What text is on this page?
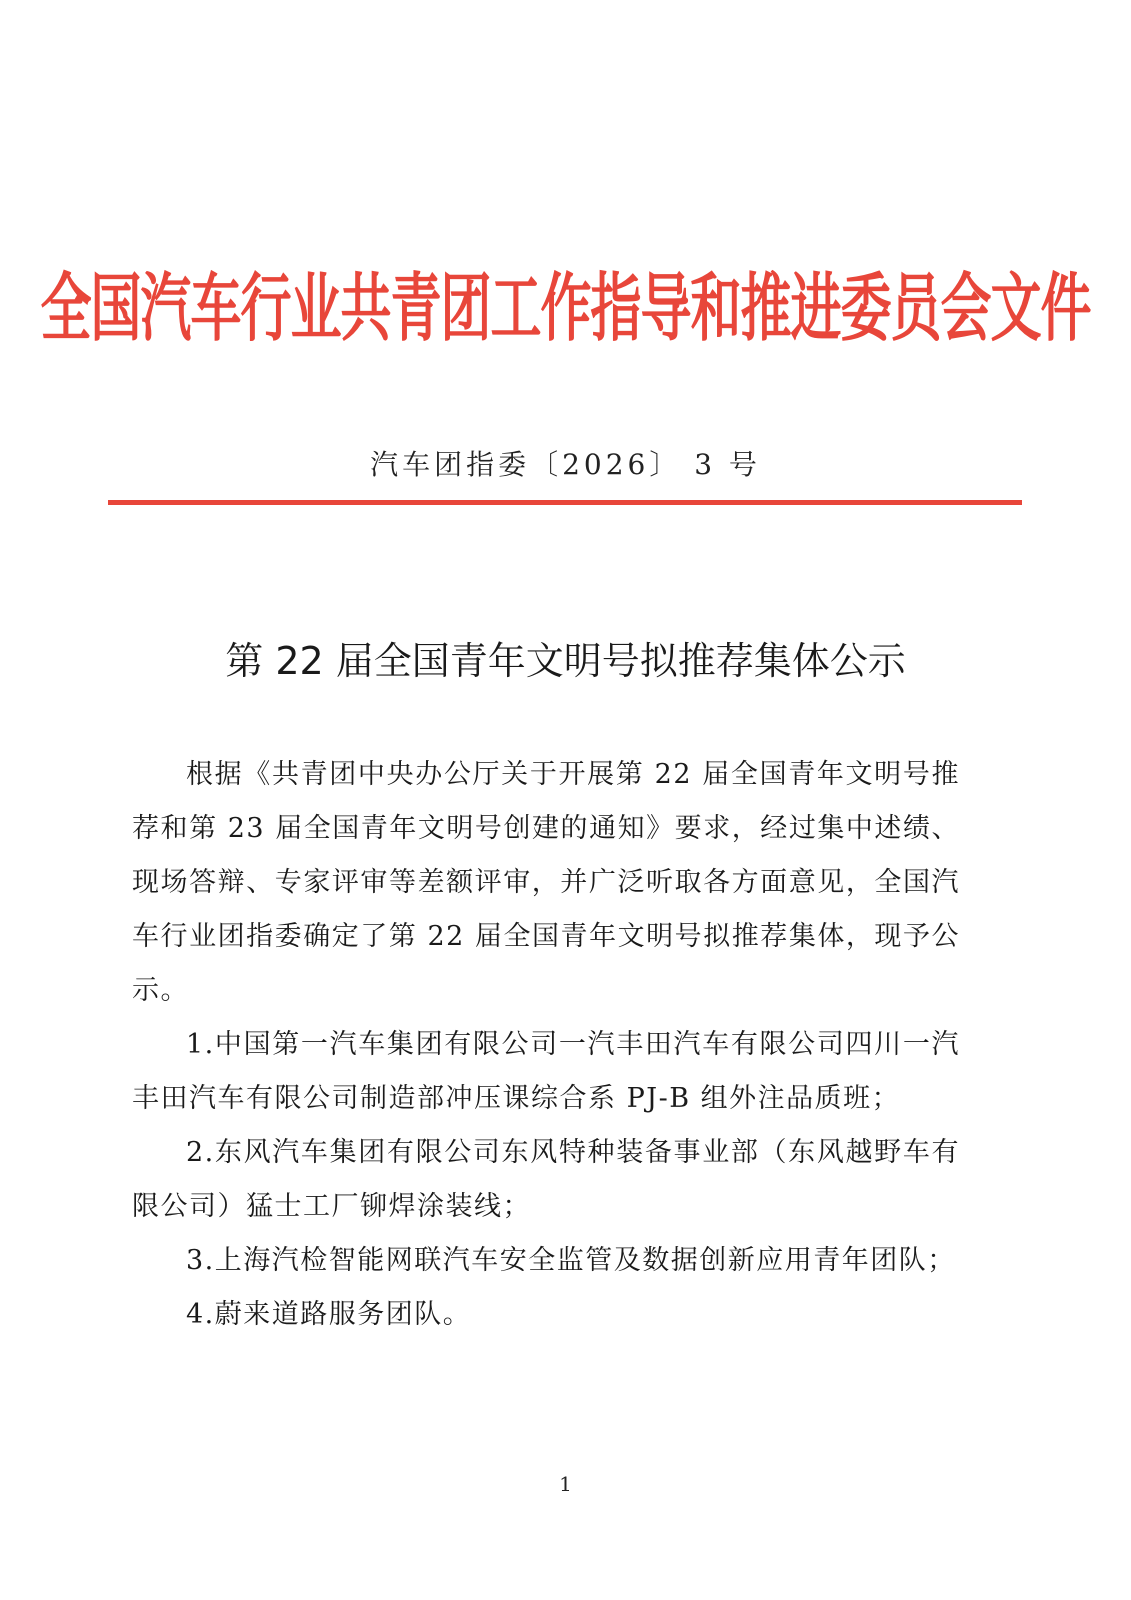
全国汽车行业共青团工作指导和推进委员会文件
汽车团指委〔2026〕 3 号
第 22 届全国青年文明号拟推荐集体公示

根据《共青团中央办公厅关于开展第 22 届全国青年文明号推荐和第 23 届全国青年文明号创建的通知》要求，经过集中述绩、现场答辩、专家评审等差额评审，并广泛听取各方面意见，全国汽车行业团指委确定了第 22 届全国青年文明号拟推荐集体，现予公示。

1.中国第一汽车集团有限公司一汽丰田汽车有限公司四川一汽丰田汽车有限公司制造部冲压课综合系 PJ-B 组外注品质班；

2.东风汽车集团有限公司东风特种装备事业部（东风越野车有限公司）猛士工厂铆焊涂装线；

3.上海汽检智能网联汽车安全监管及数据创新应用青年团队；

4.蔚来道路服务团队。

1
